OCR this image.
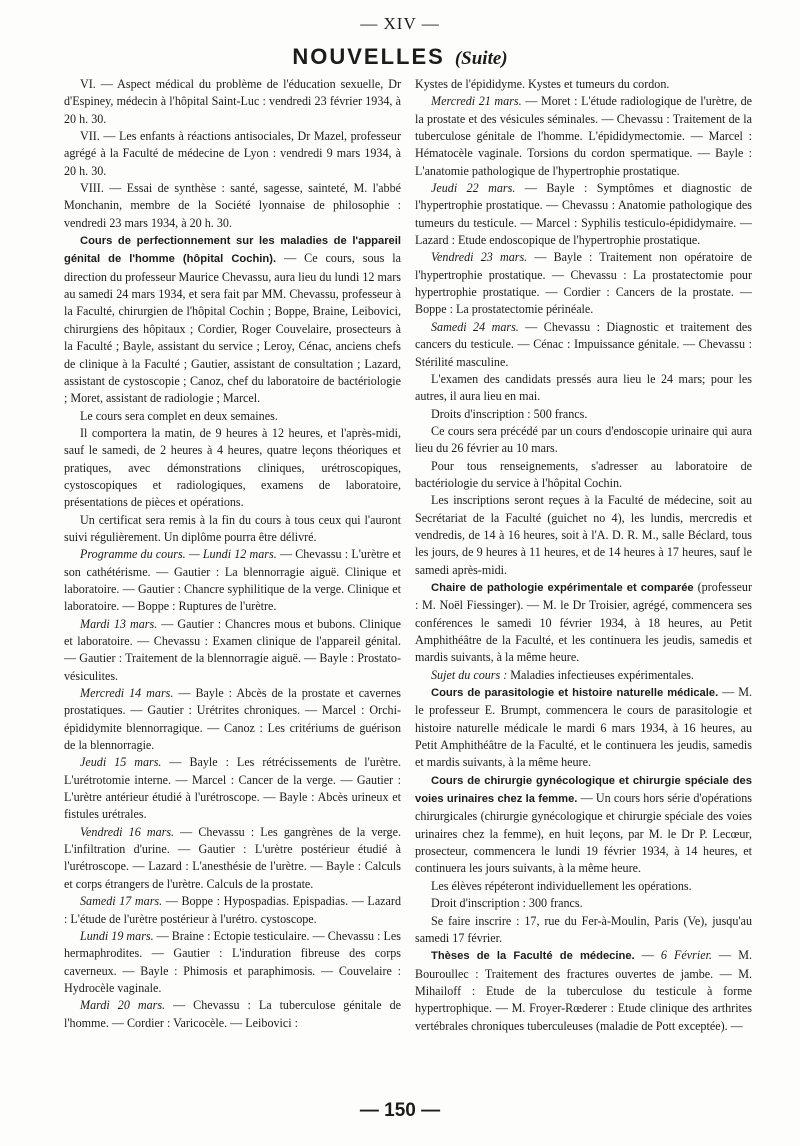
— XIV —
NOUVELLES (Suite)

VI. — Aspect médical du problème de l'éducation sexuelle, Dr d'Espiney, médecin à l'hôpital Saint-Luc : vendredi 23 février 1934, à 20 h. 30.

VII. — Les enfants à réactions antisociales, Dr Mazel, professeur agrégé à la Faculté de médecine de Lyon : vendredi 9 mars 1934, à 20 h. 30.

VIII. — Essai de synthèse : santé, sagesse, sainteté, M. l'abbé Monchanin, membre de la Société lyonnaise de philosophie : vendredi 23 mars 1934, à 20 h. 30.

Cours de perfectionnement sur les maladies de l'appareil génital de l'homme (hôpital Cochin). — Ce cours, sous la direction du professeur Maurice Chevassu, aura lieu du lundi 12 mars au samedi 24 mars 1934, et sera fait par MM. Chevassu, professeur à la Faculté, chirurgien de l'hôpital Cochin ; Boppe, Braine, Leibovici, chirurgiens des hôpitaux ; Cordier, Roger Couvelaire, prosecteurs à la Faculté ; Bayle, assistant du service ; Leroy, Cénac, anciens chefs de clinique à la Faculté ; Gautier, assistant de consultation ; Lazard, assistant de cystoscopie ; Canoz, chef du laboratoire de bactériologie ; Moret, assistant de radiologie ; Marcel.

Le cours sera complet en deux semaines.

Il comportera la matin, de 9 heures à 12 heures, et l'après-midi, sauf le samedi, de 2 heures à 4 heures, quatre leçons théoriques et pratiques, avec démonstrations cliniques, urétroscopiques, cystoscopiques et radiologiques, examens de laboratoire, présentations de pièces et opérations.

Un certificat sera remis à la fin du cours à tous ceux qui l'auront suivi régulièrement. Un diplôme pourra être délivré.

Programme du cours. — Lundi 12 mars. — Chevassu : L'urètre et son cathétérisme. — Gautier : La blennorragie aiguë. Clinique et laboratoire. — Gautier : Chancre syphilitique de la verge. Clinique et laboratoire. — Boppe : Ruptures de l'urètre.

Mardi 13 mars. — Gautier : Chancres mous et bubons. Clinique et laboratoire. — Chevassu : Examen clinique de l'appareil génital. — Gautier : Traitement de la blennorragie aiguë. — Bayle : Prostato-vésiculites.

Mercredi 14 mars. — Bayle : Abcès de la prostate et cavernes prostatiques. — Gautier : Urétrites chroniques. — Marcel : Orchi-épididymite blennorragique. — Canoz : Les critériums de guérison de la blennorragie.

Jeudi 15 mars. — Bayle : Les rétrécissements de l'urètre. L'urétrotomie interne. — Marcel : Cancer de la verge. — Gautier : L'urètre antérieur étudié à l'urétroscope. — Bayle : Abcès urineux et fistules urétrales.

Vendredi 16 mars. — Chevassu : Les gangrènes de la verge. L'infiltration d'urine. — Gautier : L'urètre postérieur étudié à l'urétroscope. — Lazard : L'anesthésie de l'urètre. — Bayle : Calculs et corps étrangers de l'urètre. Calculs de la prostate.

Samedi 17 mars. — Boppe : Hypospadias. Epispadias. — Lazard : L'étude de l'urètre postérieur à l'urétro. cystoscope.

Lundi 19 mars. — Braine : Ectopie testiculaire. — Chevassu : Les hermaphrodites. — Gautier : L'induration fibreuse des corps caverneux. — Bayle : Phimosis et paraphimosis. — Couvelaire : Hydrocèle vaginale.

Mardi 20 mars. — Chevassu : La tuberculose génitale de l'homme. — Cordier : Varicocèle. — Leibovici :

Kystes de l'épididyme. Kystes et tumeurs du cordon.

Mercredi 21 mars. — Moret : L'étude radiologique de l'urètre, de la prostate et des vésicules séminales. — Chevassu : Traitement de la tuberculose génitale de l'homme. L'épididymectomie. — Marcel : Hématocèle vaginale. Torsions du cordon spermatique. — Bayle : L'anatomie pathologique de l'hypertrophie prostatique.

Jeudi 22 mars. — Bayle : Symptômes et diagnostic de l'hypertrophie prostatique. — Chevassu : Anatomie pathologique des tumeurs du testicule. — Marcel : Syphilis testiculo-épididymaire. — Lazard : Etude endoscopique de l'hypertrophie prostatique.

Vendredi 23 mars. — Bayle : Traitement non opératoire de l'hypertrophie prostatique. — Chevassu : La prostatectomie pour hypertrophie prostatique. — Cordier : Cancers de la prostate. — Boppe : La prostatectomie périnéale.

Samedi 24 mars. — Chevassu : Diagnostic et traitement des cancers du testicule. — Cénac : Impuissance génitale. — Chevassu : Stérilité masculine.

L'examen des candidats pressés aura lieu le 24 mars; pour les autres, il aura lieu en mai.

Droits d'inscription : 500 francs.

Ce cours sera précédé par un cours d'endoscopie urinaire qui aura lieu du 26 février au 10 mars.

Pour tous renseignements, s'adresser au laboratoire de bactériologie du service à l'hôpital Cochin.

Les inscriptions seront reçues à la Faculté de médecine, soit au Secrétariat de la Faculté (guichet no 4), les lundis, mercredis et vendredis, de 14 à 16 heures, soit à l'A. D. R. M., salle Béclard, tous les jours, de 9 heures à 11 heures, et de 14 heures à 17 heures, sauf le samedi après-midi.

Chaire de pathologie expérimentale et comparée (professeur : M. Noël Fiessinger). — M. le Dr Troisier, agrégé, commencera ses conférences le samedi 10 février 1934, à 18 heures, au Petit Amphithéâtre de la Faculté, et les continuera les jeudis, samedis et mardis suivants, à la même heure.

Sujet du cours : Maladies infectieuses expérimentales.

Cours de parasitologie et histoire naturelle médicale. — M. le professeur E. Brumpt, commencera le cours de parasitologie et histoire naturelle médicale le mardi 6 mars 1934, à 16 heures, au Petit Amphithéâtre de la Faculté, et le continuera les jeudis, samedis et mardis suivants, à la même heure.

Cours de chirurgie gynécologique et chirurgie spéciale des voies urinaires chez la femme. — Un cours hors série d'opérations chirurgicales (chirurgie gynécologique et chirurgie spéciale des voies urinaires chez la femme), en huit leçons, par M. le Dr P. Lecœur, prosecteur, commencera le lundi 19 février 1934, à 14 heures, et continuera les jours suivants, à la même heure.

Les élèves répéteront individuellement les opérations.

Droit d'inscription : 300 francs.

Se faire inscrire : 17, rue du Fer-à-Moulin, Paris (Ve), jusqu'au samedi 17 février.

Thèses de la Faculté de médecine. — 6 Février. — M. Bouroullec : Traitement des fractures ouvertes de jambe. — M. Mihailoff : Etude de la tuberculose du testicule à forme hypertrophique. — M. Froyer-Rœderer : Etude clinique des arthrites vertébrales chroniques tuberculeuses (maladie de Pott exceptée). —

— 150 —
